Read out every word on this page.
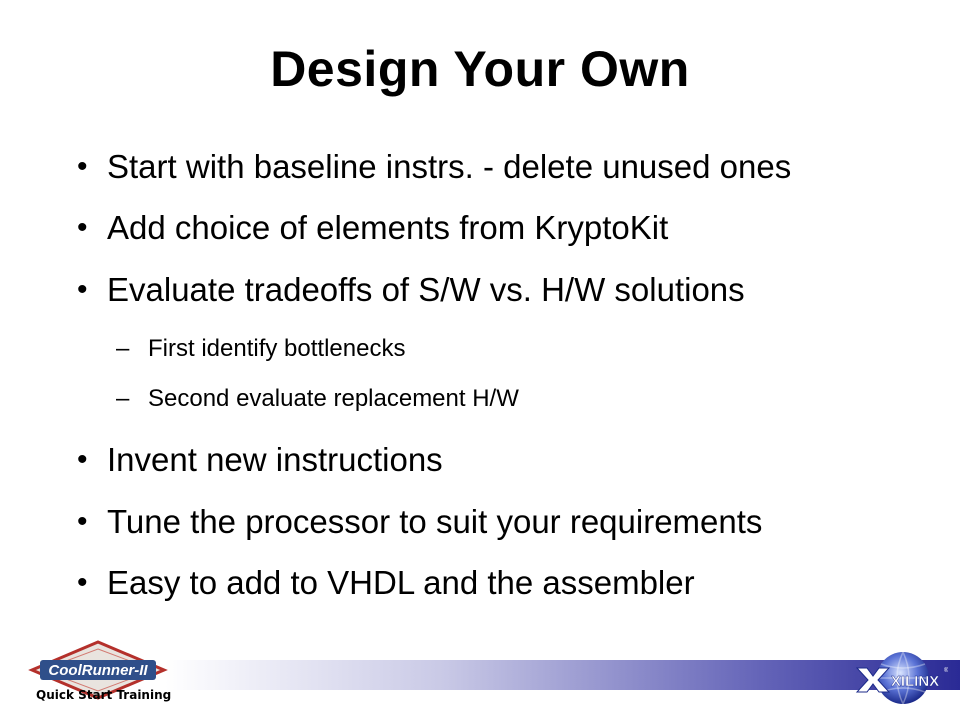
Design Your Own
• Start with baseline instrs. - delete unused ones
• Add choice of elements from KryptoKit
• Evaluate tradeoffs of S/W vs. H/W solutions
– First identify bottlenecks
– Second evaluate replacement H/W
• Invent new instructions
• Tune the processor to suit your requirements
• Easy to add to VHDL and the assembler
CoolRunner-II
Quick Start Training
XILINX
®
